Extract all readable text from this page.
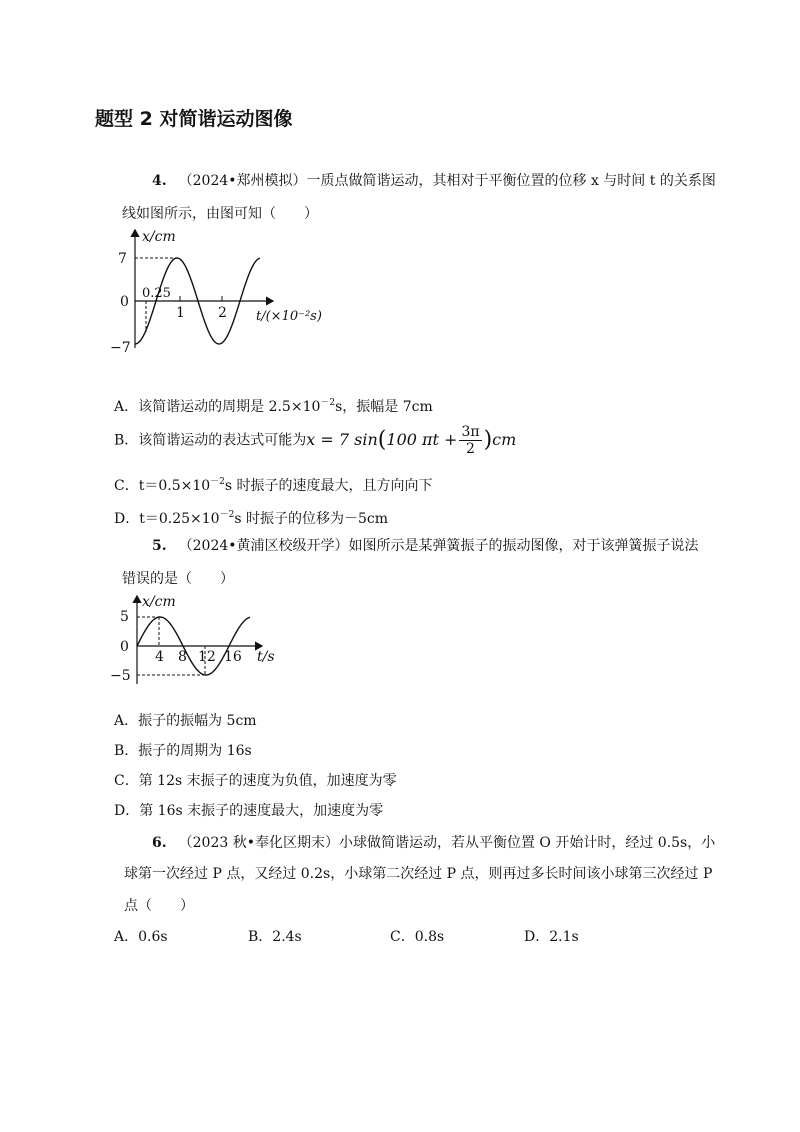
题型 2 对简谐运动图像
4. （2024•郑州模拟）一质点做简谐运动，其相对于平衡位置的位移 x 与时间 t 的关系图
线如图所示，由图可知（　　）
x/cm
7
0
−7
0.25
1 2 t/(×10⁻²s)
A．该简谐运动的周期是 $2.5\times 10^{-2}s$，振幅是 7cm
B．该简谐运动的表达式可能为x = 7 sin(100 $\pi t + \frac{3\pi}{2} )cm$
C．$t=0.5\times 10^{-2}s$ 时振子的速度最大，且方向向下
D．$t=0.25\times 10^{-2}s$ 时振子的位移为－5cm
5. （2024•黄浦区校级开学）如图所示是某弹簧振子的振动图像，对于该弹簧振子说法
错误的是（　　）
x/cm
5
0
−5
4 8 12 16 t/s
A．振子的振幅为 5cm
B．振子的周期为 16s
C．第 12s 末振子的速度为负值，加速度为零
D．第 16s 末振子的速度最大，加速度为零
6. （2023 秋•奉化区期末）小球做简谐运动，若从平衡位置 O 开始计时，经过 0.5s，小
球第一次经过 P 点，又经过 0.2s，小球第二次经过 P 点，则再过多长时间该小球第三次经过 P
点（　　）
A．0.6s	B．2.4s	C．0.8s	D．2.1s
